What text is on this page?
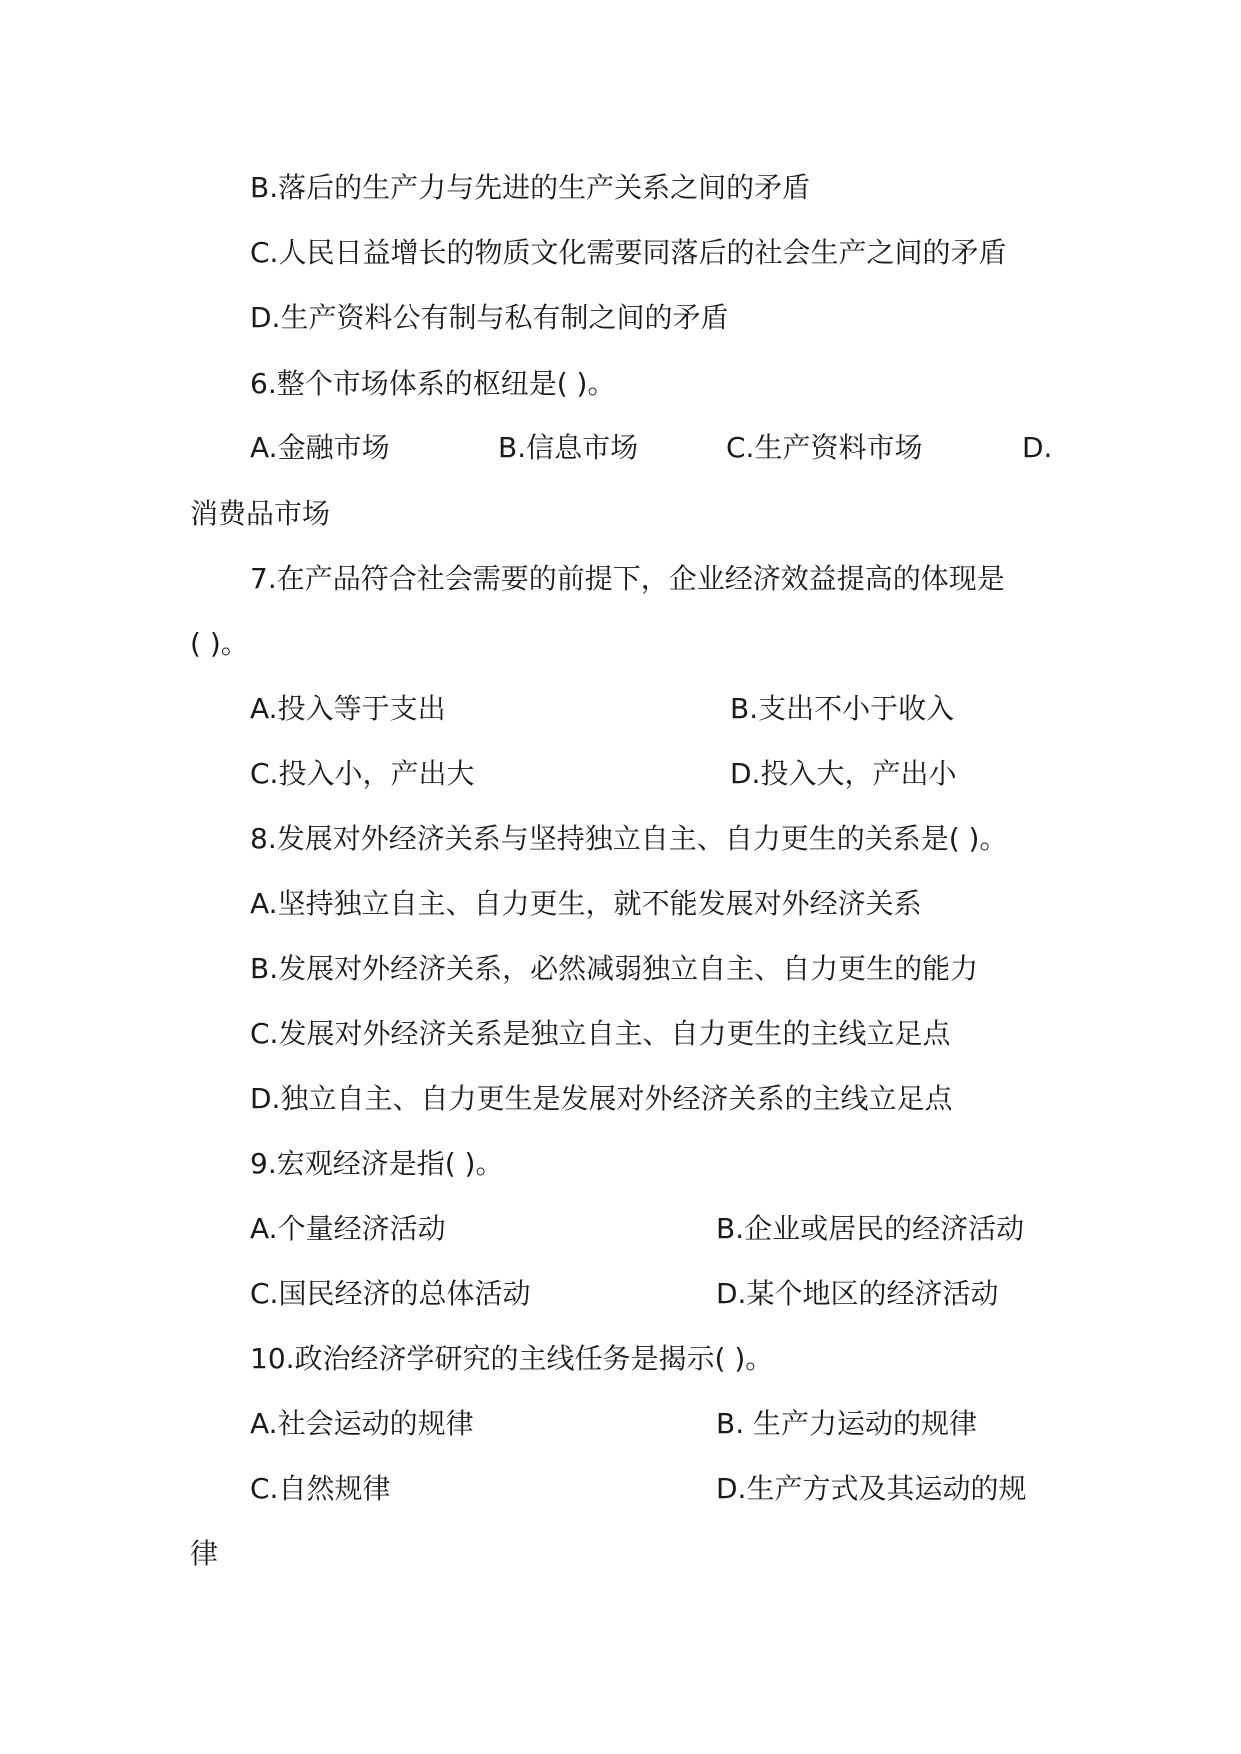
B.落后的生产力与先进的生产关系之间的矛盾
C.人民日益增长的物质文化需要同落后的社会生产之间的矛盾
D.生产资料公有制与私有制之间的矛盾
6.整个市场体系的枢纽是( )。
A.金融市场	B.信息市场	C.生产资料市场	D.
消费品市场
7.在产品符合社会需要的前提下，企业经济效益提高的体现是
( )。
A.投入等于支出	B.支出不小于收入
C.投入小，产出大	D.投入大，产出小
8.发展对外经济关系与坚持独立自主、自力更生的关系是( )。
A.坚持独立自主、自力更生，就不能发展对外经济关系
B.发展对外经济关系，必然减弱独立自主、自力更生的能力
C.发展对外经济关系是独立自主、自力更生的主线立足点
D.独立自主、自力更生是发展对外经济关系的主线立足点
9.宏观经济是指( )。
A.个量经济活动	B.企业或居民的经济活动
C.国民经济的总体活动	D.某个地区的经济活动
10.政治经济学研究的主线任务是揭示( )。
A.社会运动的规律	B. 生产力运动的规律
C.自然规律	D.生产方式及其运动的规
律
